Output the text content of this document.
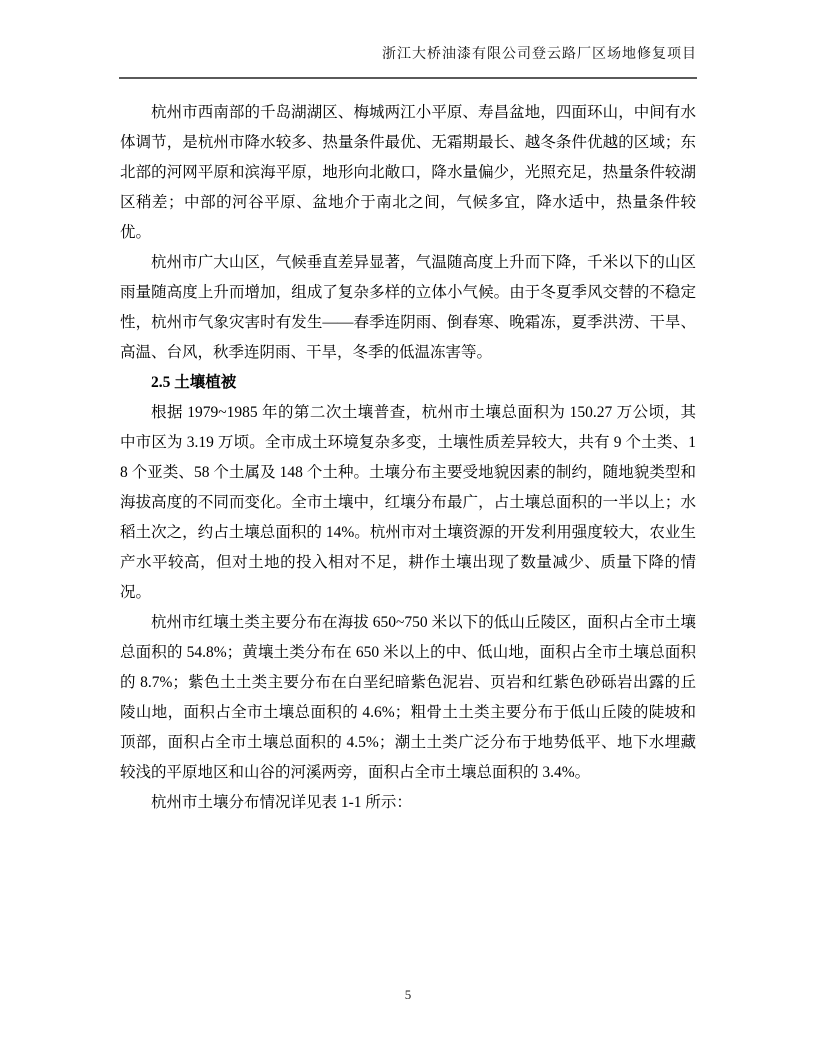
浙江大桥油漆有限公司登云路厂区场地修复项目

杭州市西南部的千岛湖湖区、梅城两江小平原、寿昌盆地，四面环山，中间有水体调节，是杭州市降水较多、热量条件最优、无霜期最长、越冬条件优越的区域；东北部的河网平原和滨海平原，地形向北敞口，降水量偏少，光照充足，热量条件较湖区稍差；中部的河谷平原、盆地介于南北之间，气候多宜，降水适中，热量条件较优。

杭州市广大山区，气候垂直差异显著，气温随高度上升而下降，千米以下的山区雨量随高度上升而增加，组成了复杂多样的立体小气候。由于冬夏季风交替的不稳定性，杭州市气象灾害时有发生——春季连阴雨、倒春寒、晚霜冻，夏季洪涝、干旱、高温、台风，秋季连阴雨、干旱，冬季的低温冻害等。

2.5 土壤植被

根据 1979~1985 年的第二次土壤普查，杭州市土壤总面积为 150.27 万公顷，其中市区为 3.19 万顷。全市成土环境复杂多变，土壤性质差异较大，共有 9 个土类、18 个亚类、58 个土属及 148 个土种。土壤分布主要受地貌因素的制约，随地貌类型和海拔高度的不同而变化。全市土壤中，红壤分布最广，占土壤总面积的一半以上；水稻土次之，约占土壤总面积的 14%。杭州市对土壤资源的开发利用强度较大，农业生产水平较高，但对土地的投入相对不足，耕作土壤出现了数量减少、质量下降的情况。

杭州市红壤土类主要分布在海拔 650~750 米以下的低山丘陵区，面积占全市土壤总面积的 54.8%；黄壤土类分布在 650 米以上的中、低山地，面积占全市土壤总面积的 8.7%；紫色土土类主要分布在白垩纪暗紫色泥岩、页岩和红紫色砂砾岩出露的丘陵山地，面积占全市土壤总面积的 4.6%；粗骨土土类主要分布于低山丘陵的陡坡和顶部，面积占全市土壤总面积的 4.5%；潮土土类广泛分布于地势低平、地下水埋藏较浅的平原地区和山谷的河溪两旁，面积占全市土壤总面积的 3.4%。

杭州市土壤分布情况详见表 1-1 所示：

5
